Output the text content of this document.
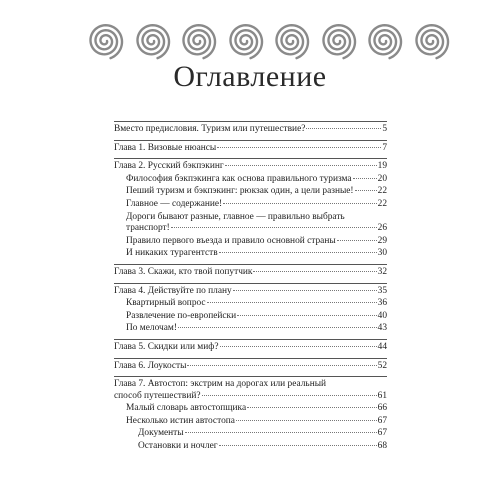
Оглавление
Вместо предисловия. Туризм или путешествие?	5
Глава 1. Визовые нюансы	7
Глава 2. Русский бэкпэкинг	19
Философия бэкпэкинга как основа правильного туризма	20
Пеший туризм и бэкпэкинг: рюкзак один, а цели разные!	22
Главное — содержание!	22
Дороги бывают разные, главное — правильно выбрать
транспорт!	26
Правило первого въезда и правило основной страны	29
И никаких турагентств	30
Глава 3. Скажи, кто твой попутчик	32
Глава 4. Действуйте по плану	35
Квартирный вопрос	36
Развлечение по-европейски	40
По мелочам!	43
Глава 5. Скидки или миф?	44
Глава 6. Лоукосты	52
Глава 7. Автостоп: экстрим на дорогах или реальный
способ путешествий?	61
Малый словарь автостопщика	66
Несколько истин автостопа	67
Документы	67
Остановки и ночлег	68
